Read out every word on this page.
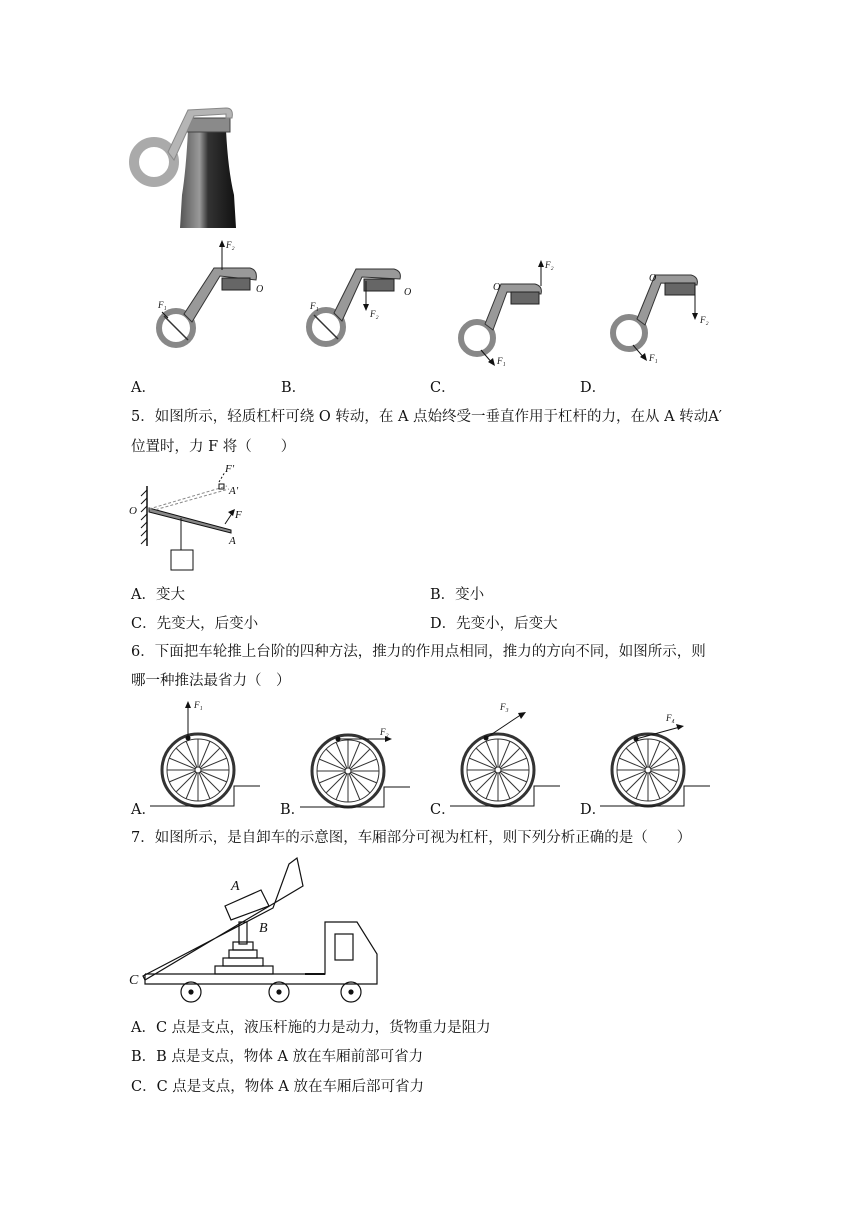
F₂
F₁
O
F₂
F₁
O
F₂
F₁
O
F₂
F₁
O
A．	B．	C．	D．
5．如图所示，轻质杠杆可绕 O 转动，在 A 点始终受一垂直作用于杠杆的力，在从 A 转动A′
位置时，力 F 将（　　）
O
A
A'
F
F'
A．变大	B．变小
C．先变大，后变小	D．先变小，后变大
6．下面把车轮推上台阶的四种方法，推力的作用点相同，推力的方向不同，如图所示，则
哪一种推法最省力（　）
F₁
F₂
F₃
F₄
A．	B．	C．	D．
7．如图所示，是自卸车的示意图，车厢部分可视为杠杆，则下列分析正确的是（　　）
A
B
C
A．C 点是支点，液压杆施的力是动力，货物重力是阻力
B．B 点是支点，物体 A 放在车厢前部可省力
C．C 点是支点，物体 A 放在车厢后部可省力
